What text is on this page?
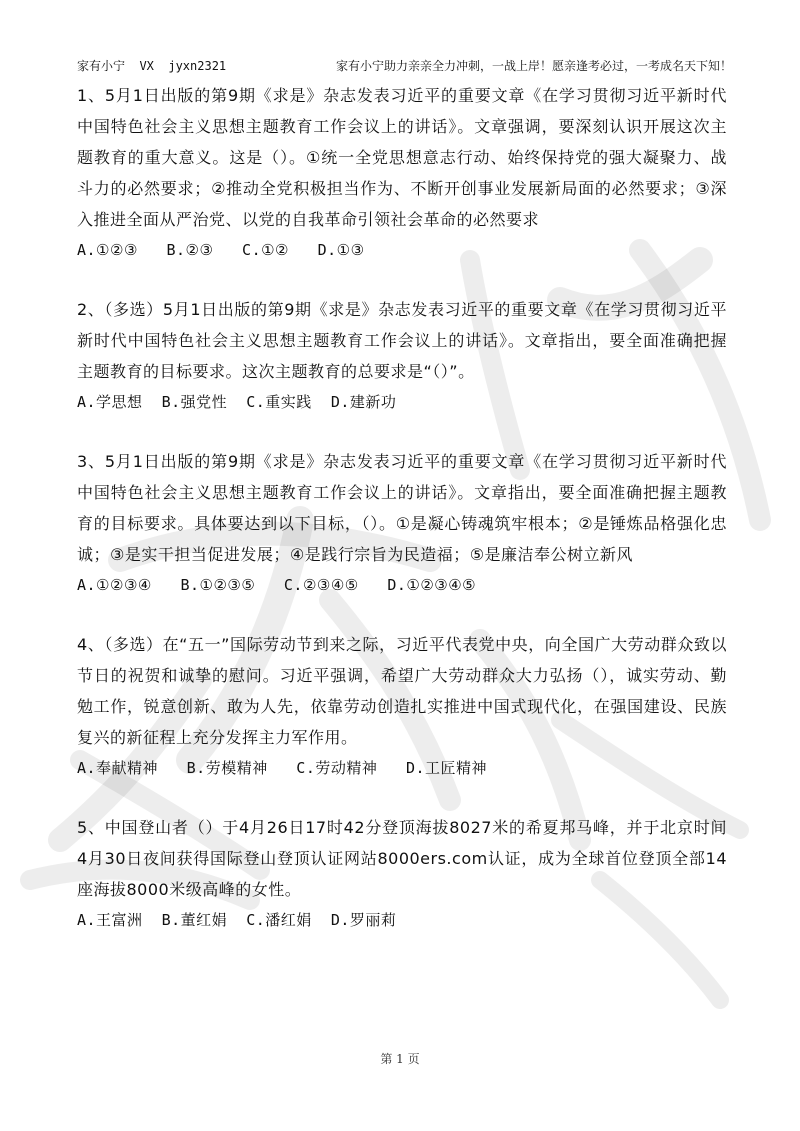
家有小宁  VX  jyxn2321	家有小宁助力亲亲全力冲刺，一战上岸！愿亲逢考必过，一考成名天下知！
1、5月1日出版的第9期《求是》杂志发表习近平的重要文章《在学习贯彻习近平新时代中国特色社会主义思想主题教育工作会议上的讲话》。文章强调，要深刻认识开展这次主题教育的重大意义。这是（）。①统一全党思想意志行动、始终保持党的强大凝聚力、战斗力的必然要求；②推动全党积极担当作为、不断开创事业发展新局面的必然要求；③深入推进全面从严治党、以党的自我革命引领社会革命的必然要求
A.①②③   B.②③   C.①②   D.①③
2、（多选）5月1日出版的第9期《求是》杂志发表习近平的重要文章《在学习贯彻习近平新时代中国特色社会主义思想主题教育工作会议上的讲话》。文章指出，要全面准确把握主题教育的目标要求。这次主题教育的总要求是“（）”。
A.学思想  B.强党性  C.重实践  D.建新功
3、5月1日出版的第9期《求是》杂志发表习近平的重要文章《在学习贯彻习近平新时代中国特色社会主义思想主题教育工作会议上的讲话》。文章指出，要全面准确把握主题教育的目标要求。具体要达到以下目标，（）。①是凝心铸魂筑牢根本；②是锤炼品格强化忠诚；③是实干担当促进发展；④是践行宗旨为民造福；⑤是廉洁奉公树立新风
A.①②③④   B.①②③⑤   C.②③④⑤   D.①②③④⑤
4、（多选）在“五一”国际劳动节到来之际，习近平代表党中央，向全国广大劳动群众致以节日的祝贺和诚挚的慰问。习近平强调，希望广大劳动群众大力弘扬（），诚实劳动、勤勉工作，锐意创新、敢为人先，依靠劳动创造扎实推进中国式现代化，在强国建设、民族复兴的新征程上充分发挥主力军作用。
A.奉献精神   B.劳模精神   C.劳动精神   D.工匠精神
5、中国登山者（）于4月26日17时42分登顶海拔8027米的希夏邦马峰，并于北京时间4月30日夜间获得国际登山登顶认证网站8000ers.com认证，成为全球首位登顶全部14座海拔8000米级高峰的女性。
A.王富洲  B.董红娟  C.潘红娟  D.罗丽莉
第 1 页
